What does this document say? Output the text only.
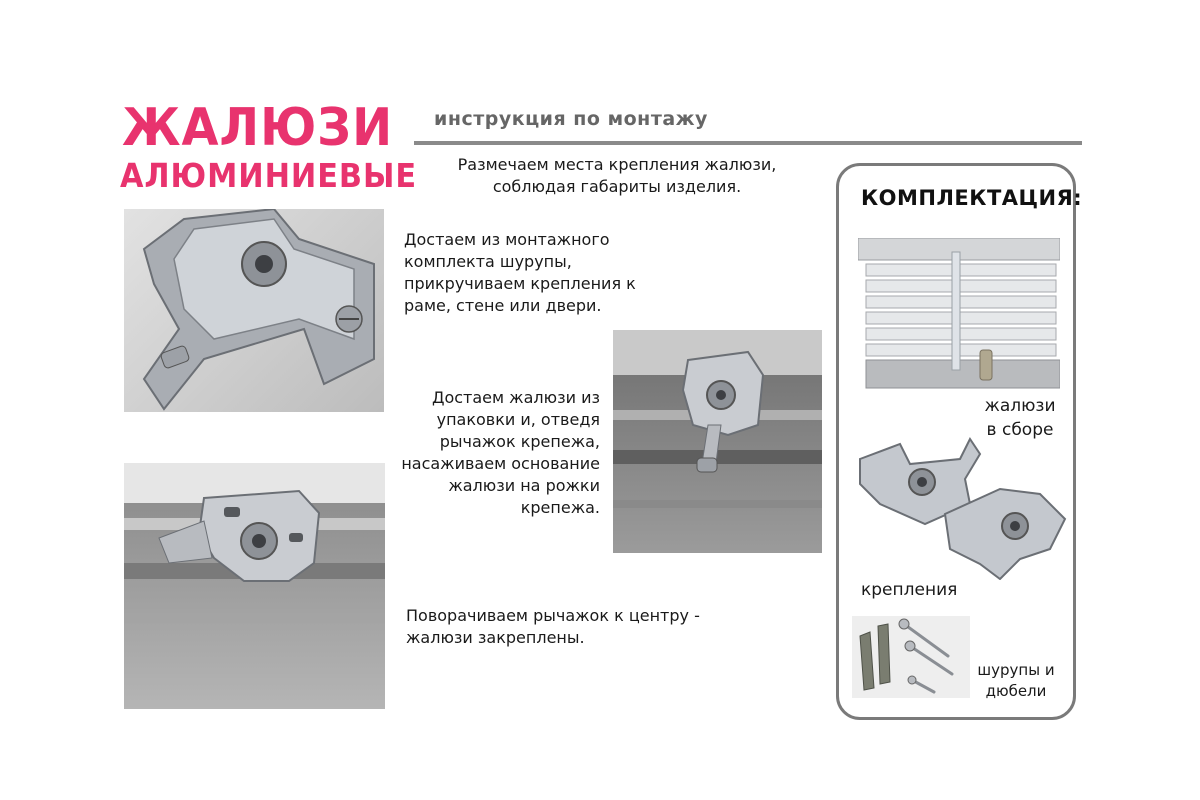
ЖАЛЮЗИ
АЛЮМИНИЕВЫЕ
инструкция по монтажу
Размечаем места крепления жалюзи, соблюдая габариты изделия.
Достаем из монтажного комплекта шурупы, прикручиваем крепления к раме, стене или двери.
Достаем жалюзи из упаковки и, отведя рычажок крепежа, насаживаем основание жалюзи на рожки крепежа.
Поворачиваем рычажок к центру - жалюзи закреплены.
КОМПЛЕКТАЦИЯ:
жалюзи в сборе
крепления
шурупы и дюбели
